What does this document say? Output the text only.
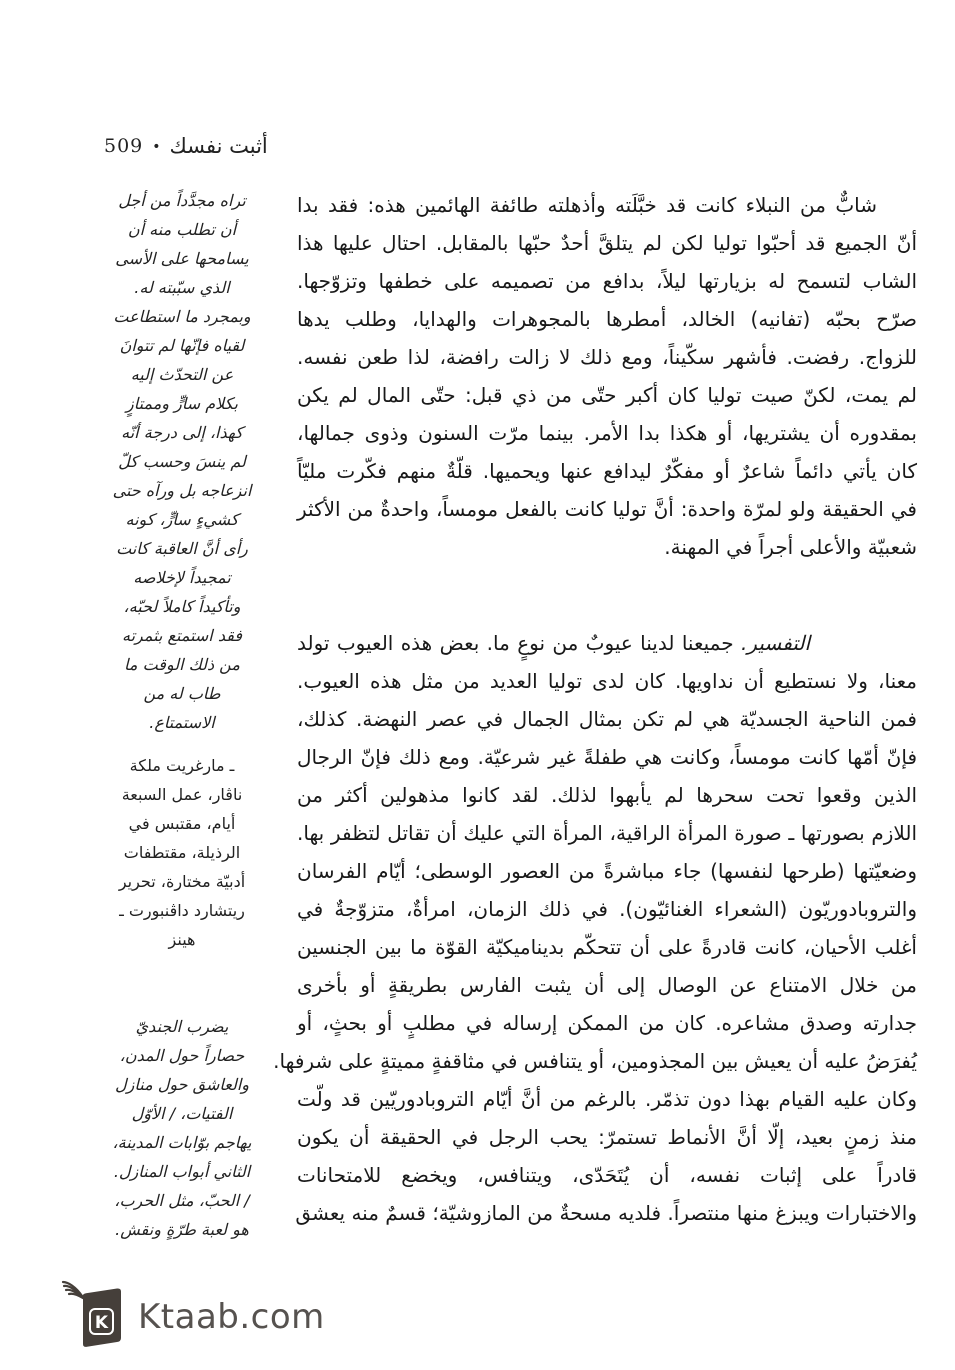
أثبت نفسك
•
509
تراه مجدَّداً من أجل
أن تطلب منه أن
يسامحها على الأسى
الذي سبّبته له.
وبمجرد ما استطاعت
لقياه فإنّها لم تتوانَ
عن التحدّث إليه
بكلام سارٍّ وممتازٍ
كهذا، إلى درجة أنّه
لم ينسَ وحسب كلّ
انزعاجه بل ورآه حتى
كشيءٍ سارٍّ، كونه
رأى أنَّ العاقبة كانت
تمجيداً لإخلاصه
وتأكيداً كاملاً لحبّه،
فقد استمتع بثمرته
من ذلك الوقت ما
طاب له من
الاستمتاع.
ـ مارغريت ملكة
ناڤار، عمل السبعة
أيام، مقتبس في
الرذيلة، مقتطفات
أدبيّة مختارة، تحرير
ريتشارد داڤنبورت ـ
هينز
يضرب الجنديّ
حصاراً حول المدن،
والعاشق حول منازل
الفتيات، / الأوّل
يهاجم بوّابات المدينة،
الثاني أبواب المنازل.
/ الحبّ، مثل الحرب،
هو لعبة طرّةٍ ونقش.
شابٌّ من النبلاء كانت قد خبَّلَته وأذهلته طائفة الهائمين هذه: فقد بدا
أنّ الجميع قد أحبّوا توليا لكن لم يتلقَّ أحدٌ حبّها بالمقابل. احتال عليها هذا
الشاب لتسمح له بزيارتها ليلاً، بدافع من تصميمه على خطفها وتزوّجها.
صرّح بحبّه (تفانيه) الخالد، أمطرها بالمجوهرات والهدايا، وطلب يدها
للزواج. رفضت. فأشهر سكّيناً، ومع ذلك لا زالت رافضة، لذا طعن نفسه.
لم يمت، لكنّ صيت توليا كان أكبر حتّى من ذي قبل: حتّى المال لم يكن
بمقدوره أن يشتريها، أو هكذا بدا الأمر. بينما مرّت السنون وذوى جمالها،
كان يأتي دائماً شاعرٌ أو مفكّرٌ ليدافع عنها ويحميها. قلّةٌ منهم فكّرت مليّاً
في الحقيقة ولو لمرّة واحدة: أنَّ توليا كانت بالفعل مومساً، واحدةٌ من الأكثر
شعبيّة والأعلى أجراً في المهنة.
التفسير. جميعنا لدينا عيوبٌ من نوعٍ ما. بعض هذه العيوب تولد
معنا، ولا نستطيع أن نداويها. كان لدى توليا العديد من مثل هذه العيوب.
فمن الناحية الجسديّة هي لم تكن بمثال الجمال في عصر النهضة. كذلك،
فإنّ أمّها كانت مومساً، وكانت هي طفلةً غير شرعيّة. ومع ذلك فإنّ الرجال
الذين وقعوا تحت سحرها لم يأبهوا لذلك. لقد كانوا مذهولين أكثر من
اللازم بصورتها ـ صورة المرأة الراقية، المرأة التي عليك أن تقاتل لتظفر بها.
وضعيّتها (طرحها لنفسها) جاء مباشرةً من العصور الوسطى؛ أيّام الفرسان
والتروبادوريّون (الشعراء الغنائيّون). في ذلك الزمان، امرأةٌ، متزوّجةٌ في
أغلب الأحيان، كانت قادرةً على أن تتحكّم بديناميكيّة القوّة ما بين الجنسين
من خلال الامتناع عن الوصال إلى أن يثبت الفارس بطريقةٍ أو بأخرى
جدارته وصدق مشاعره. كان من الممكن إرساله في مطلبٍ أو بحثٍ، أو
يُفرَضُ عليه أن يعيش بين المجذومين، أو يتنافس في مثاقفةٍ مميتةٍ على شرفها.
وكان عليه القيام بهذا دون تذمّر. بالرغم من أنَّ أيّام التروبادوريّين قد ولّت
منذ زمنٍ بعيد، إلّا أنَّ الأنماط تستمرّ: يحب الرجل في الحقيقة أن يكون
قادراً على إثبات نفسه، أن يُتَحَدّى، ويتنافس، ويخضع للامتحانات
والاختبارات ويبزغ منها منتصراً. فلديه مسحةٌ من المازوشيّة؛ قسمٌ منه يعشق
K Ktaab.com
